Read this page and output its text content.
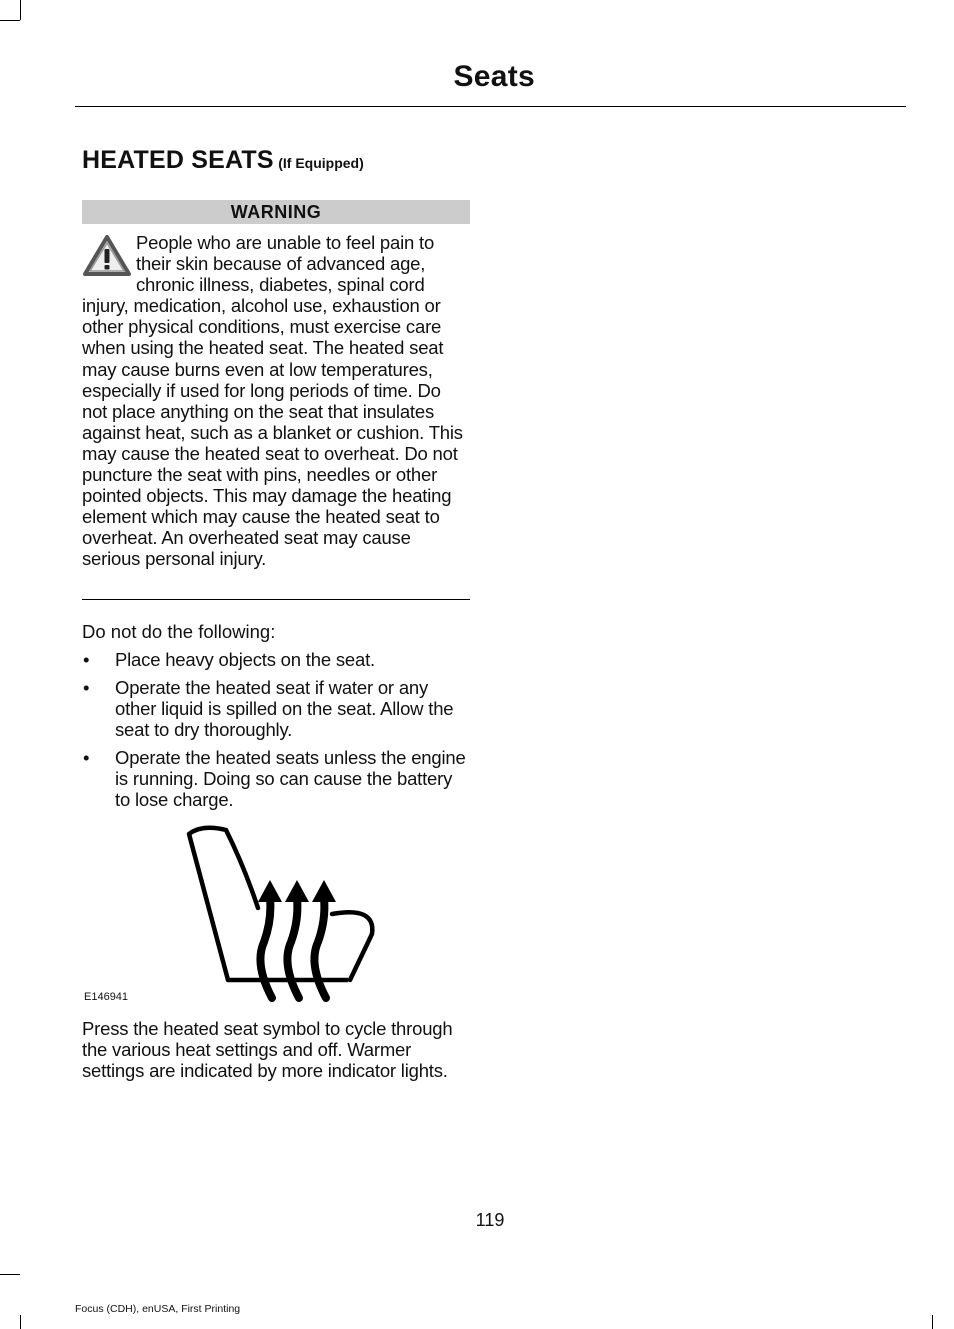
Seats
HEATED SEATS (If Equipped)
WARNING

People who are unable to feel pain to their skin because of advanced age, chronic illness, diabetes, spinal cord injury, medication, alcohol use, exhaustion or other physical conditions, must exercise care when using the heated seat. The heated seat may cause burns even at low temperatures, especially if used for long periods of time. Do not place anything on the seat that insulates against heat, such as a blanket or cushion. This may cause the heated seat to overheat. Do not puncture the seat with pins, needles or other pointed objects. This may damage the heating element which may cause the heated seat to overheat. An overheated seat may cause serious personal injury.

Do not do the following:
• Place heavy objects on the seat.
• Operate the heated seat if water or any other liquid is spilled on the seat. Allow the seat to dry thoroughly.
• Operate the heated seats unless the engine is running. Doing so can cause the battery to lose charge.
E146941
Press the heated seat symbol to cycle through the various heat settings and off. Warmer settings are indicated by more indicator lights.
119
Focus (CDH), enUSA, First Printing
